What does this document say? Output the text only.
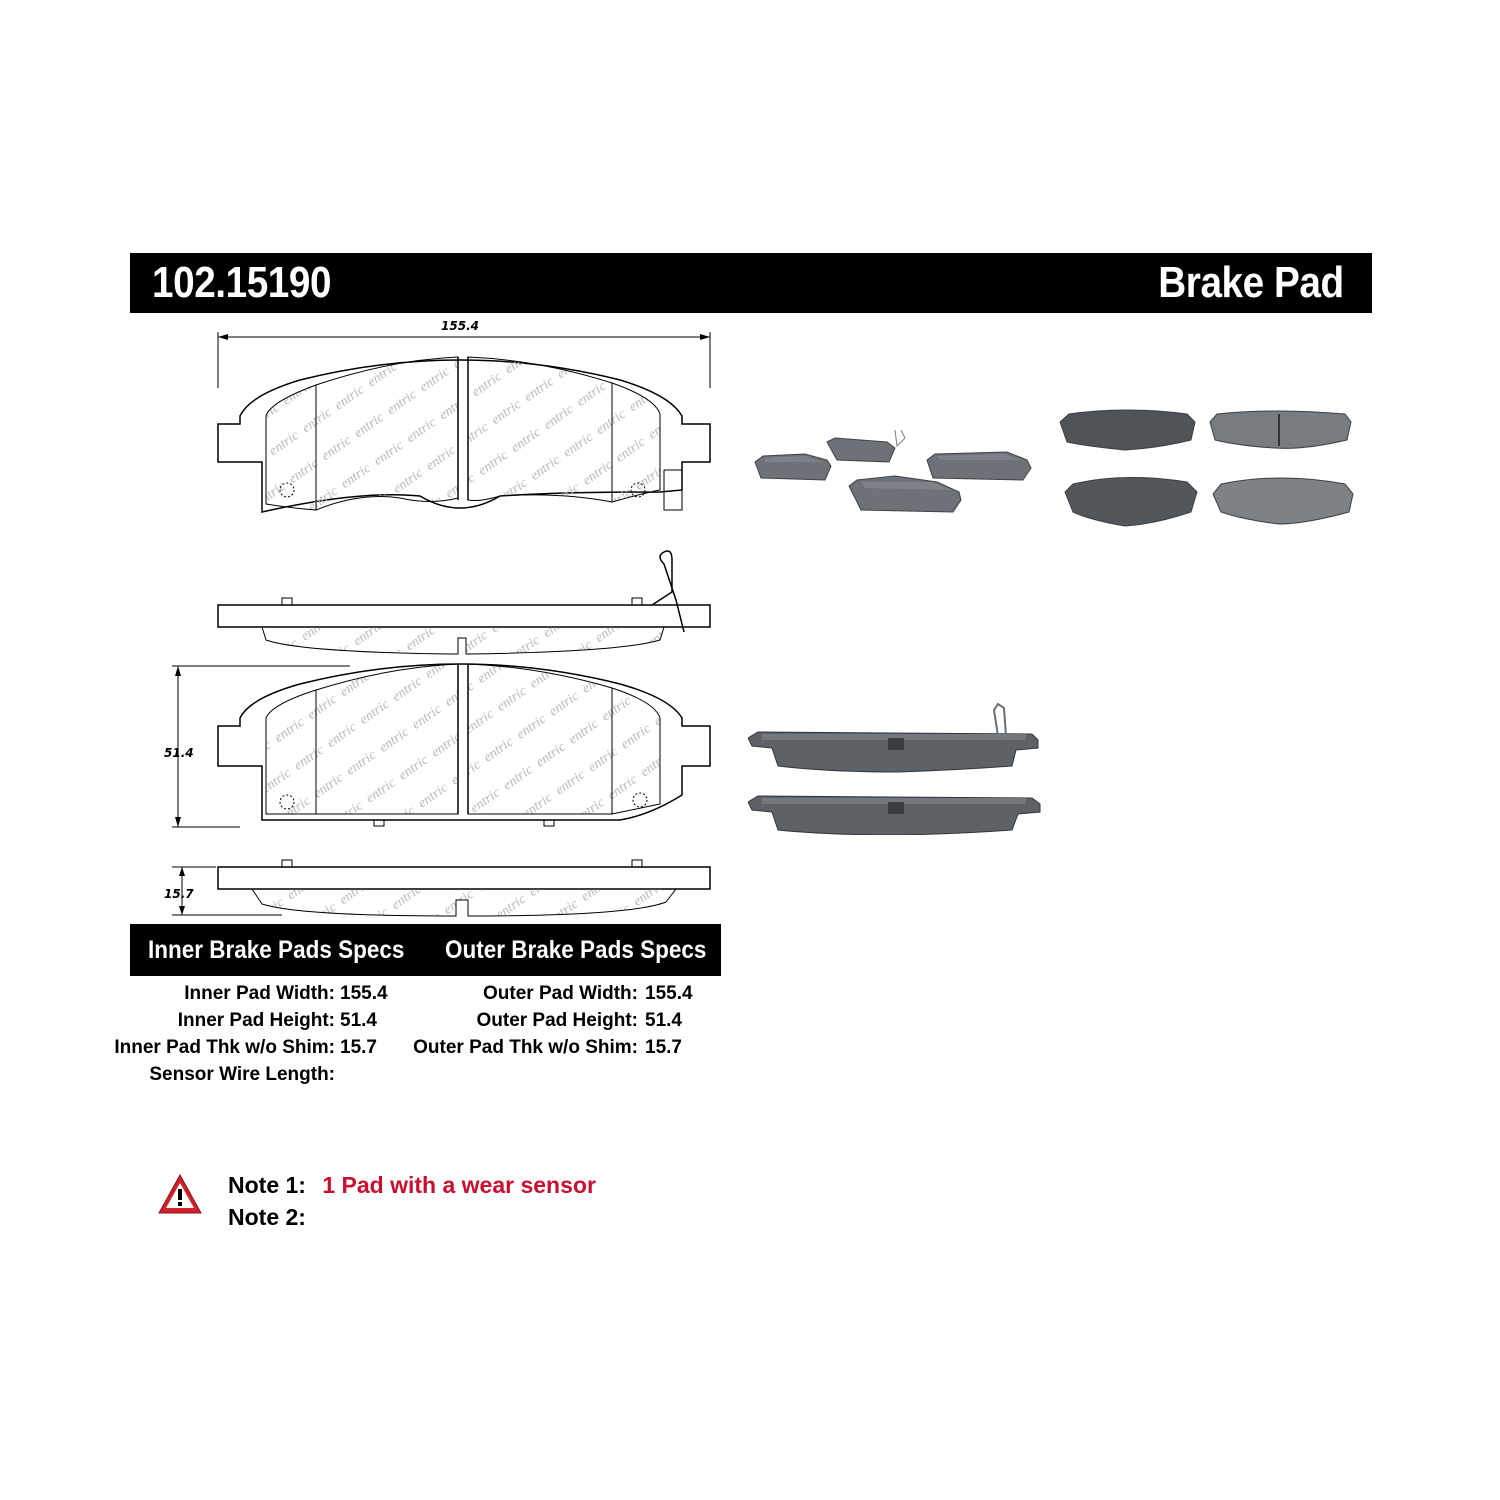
102.15190	Brake Pad
155.4
51.4
15.7
Inner Brake Pads Specs Outer Brake Pads Specs
Inner Pad Width: 155.4
Inner Pad Height: 51.4
Inner Pad Thk w/o Shim: 15.7
Sensor Wire Length:
Outer Pad Width: 155.4
Outer Pad Height: 51.4
Outer Pad Thk w/o Shim: 15.7
Note 1: 1 Pad with a wear sensor
Note 2:
